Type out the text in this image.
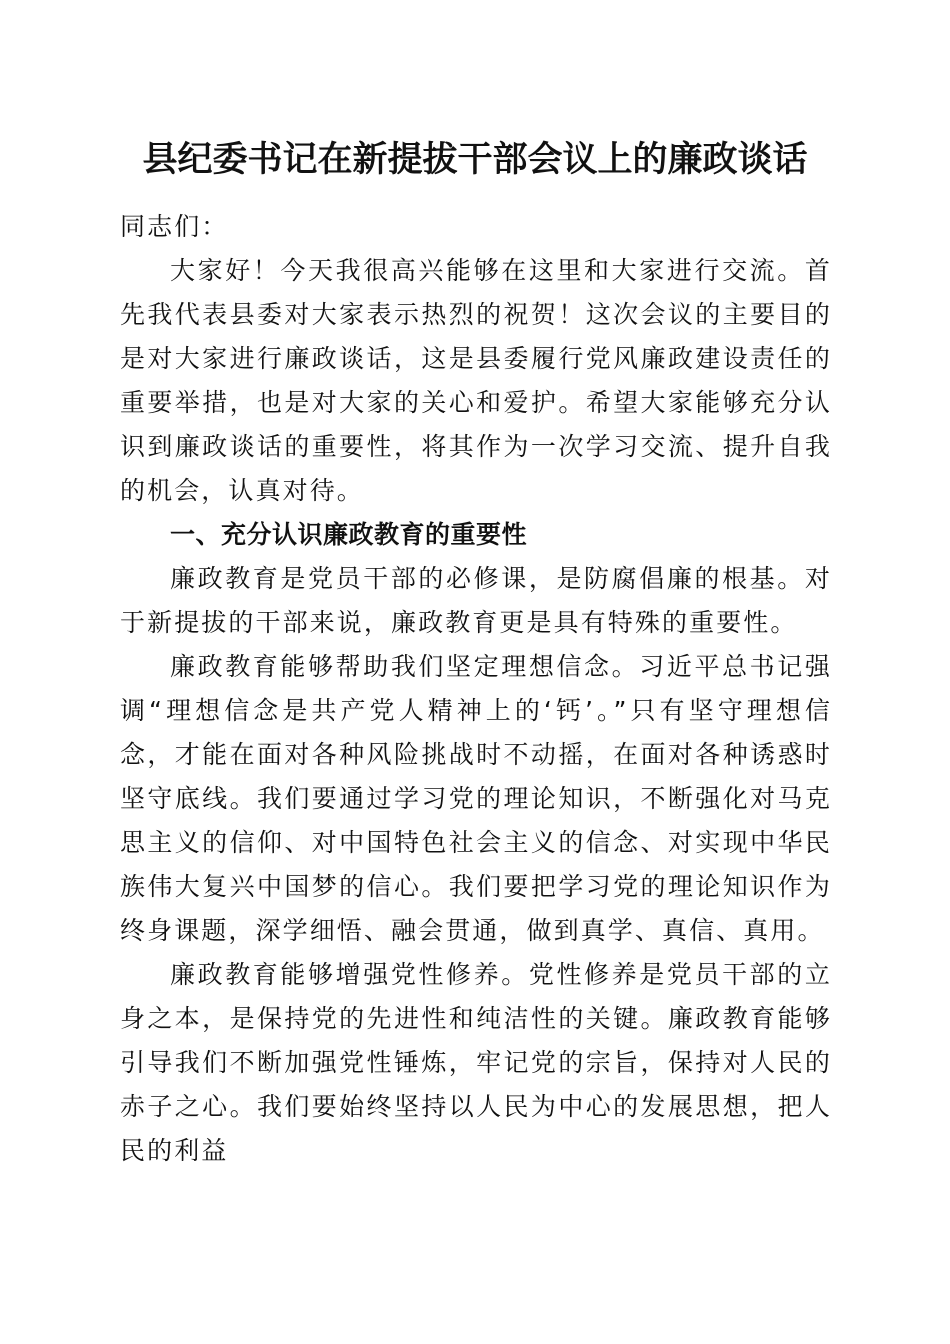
县纪委书记在新提拔干部会议上的廉政谈话

同志们：

大家好！今天我很高兴能够在这里和大家进行交流。首先我代表县委对大家表示热烈的祝贺！这次会议的主要目的是对大家进行廉政谈话，这是县委履行党风廉政建设责任的重要举措，也是对大家的关心和爱护。希望大家能够充分认识到廉政谈话的重要性，将其作为一次学习交流、提升自我的机会，认真对待。

一、充分认识廉政教育的重要性

廉政教育是党员干部的必修课，是防腐倡廉的根基。对于新提拔的干部来说，廉政教育更是具有特殊的重要性。

廉政教育能够帮助我们坚定理想信念。习近平总书记强调“理想信念是共产党人精神上的‘钙’。”只有坚守理想信念，才能在面对各种风险挑战时不动摇，在面对各种诱惑时坚守底线。我们要通过学习党的理论知识，不断强化对马克思主义的信仰、对中国特色社会主义的信念、对实现中华民族伟大复兴中国梦的信心。我们要把学习党的理论知识作为终身课题，深学细悟、融会贯通，做到真学、真信、真用。

廉政教育能够增强党性修养。党性修养是党员干部的立身之本，是保持党的先进性和纯洁性的关键。廉政教育能够引导我们不断加强党性锤炼，牢记党的宗旨，保持对人民的赤子之心。我们要始终坚持以人民为中心的发展思想，把人民的利益
